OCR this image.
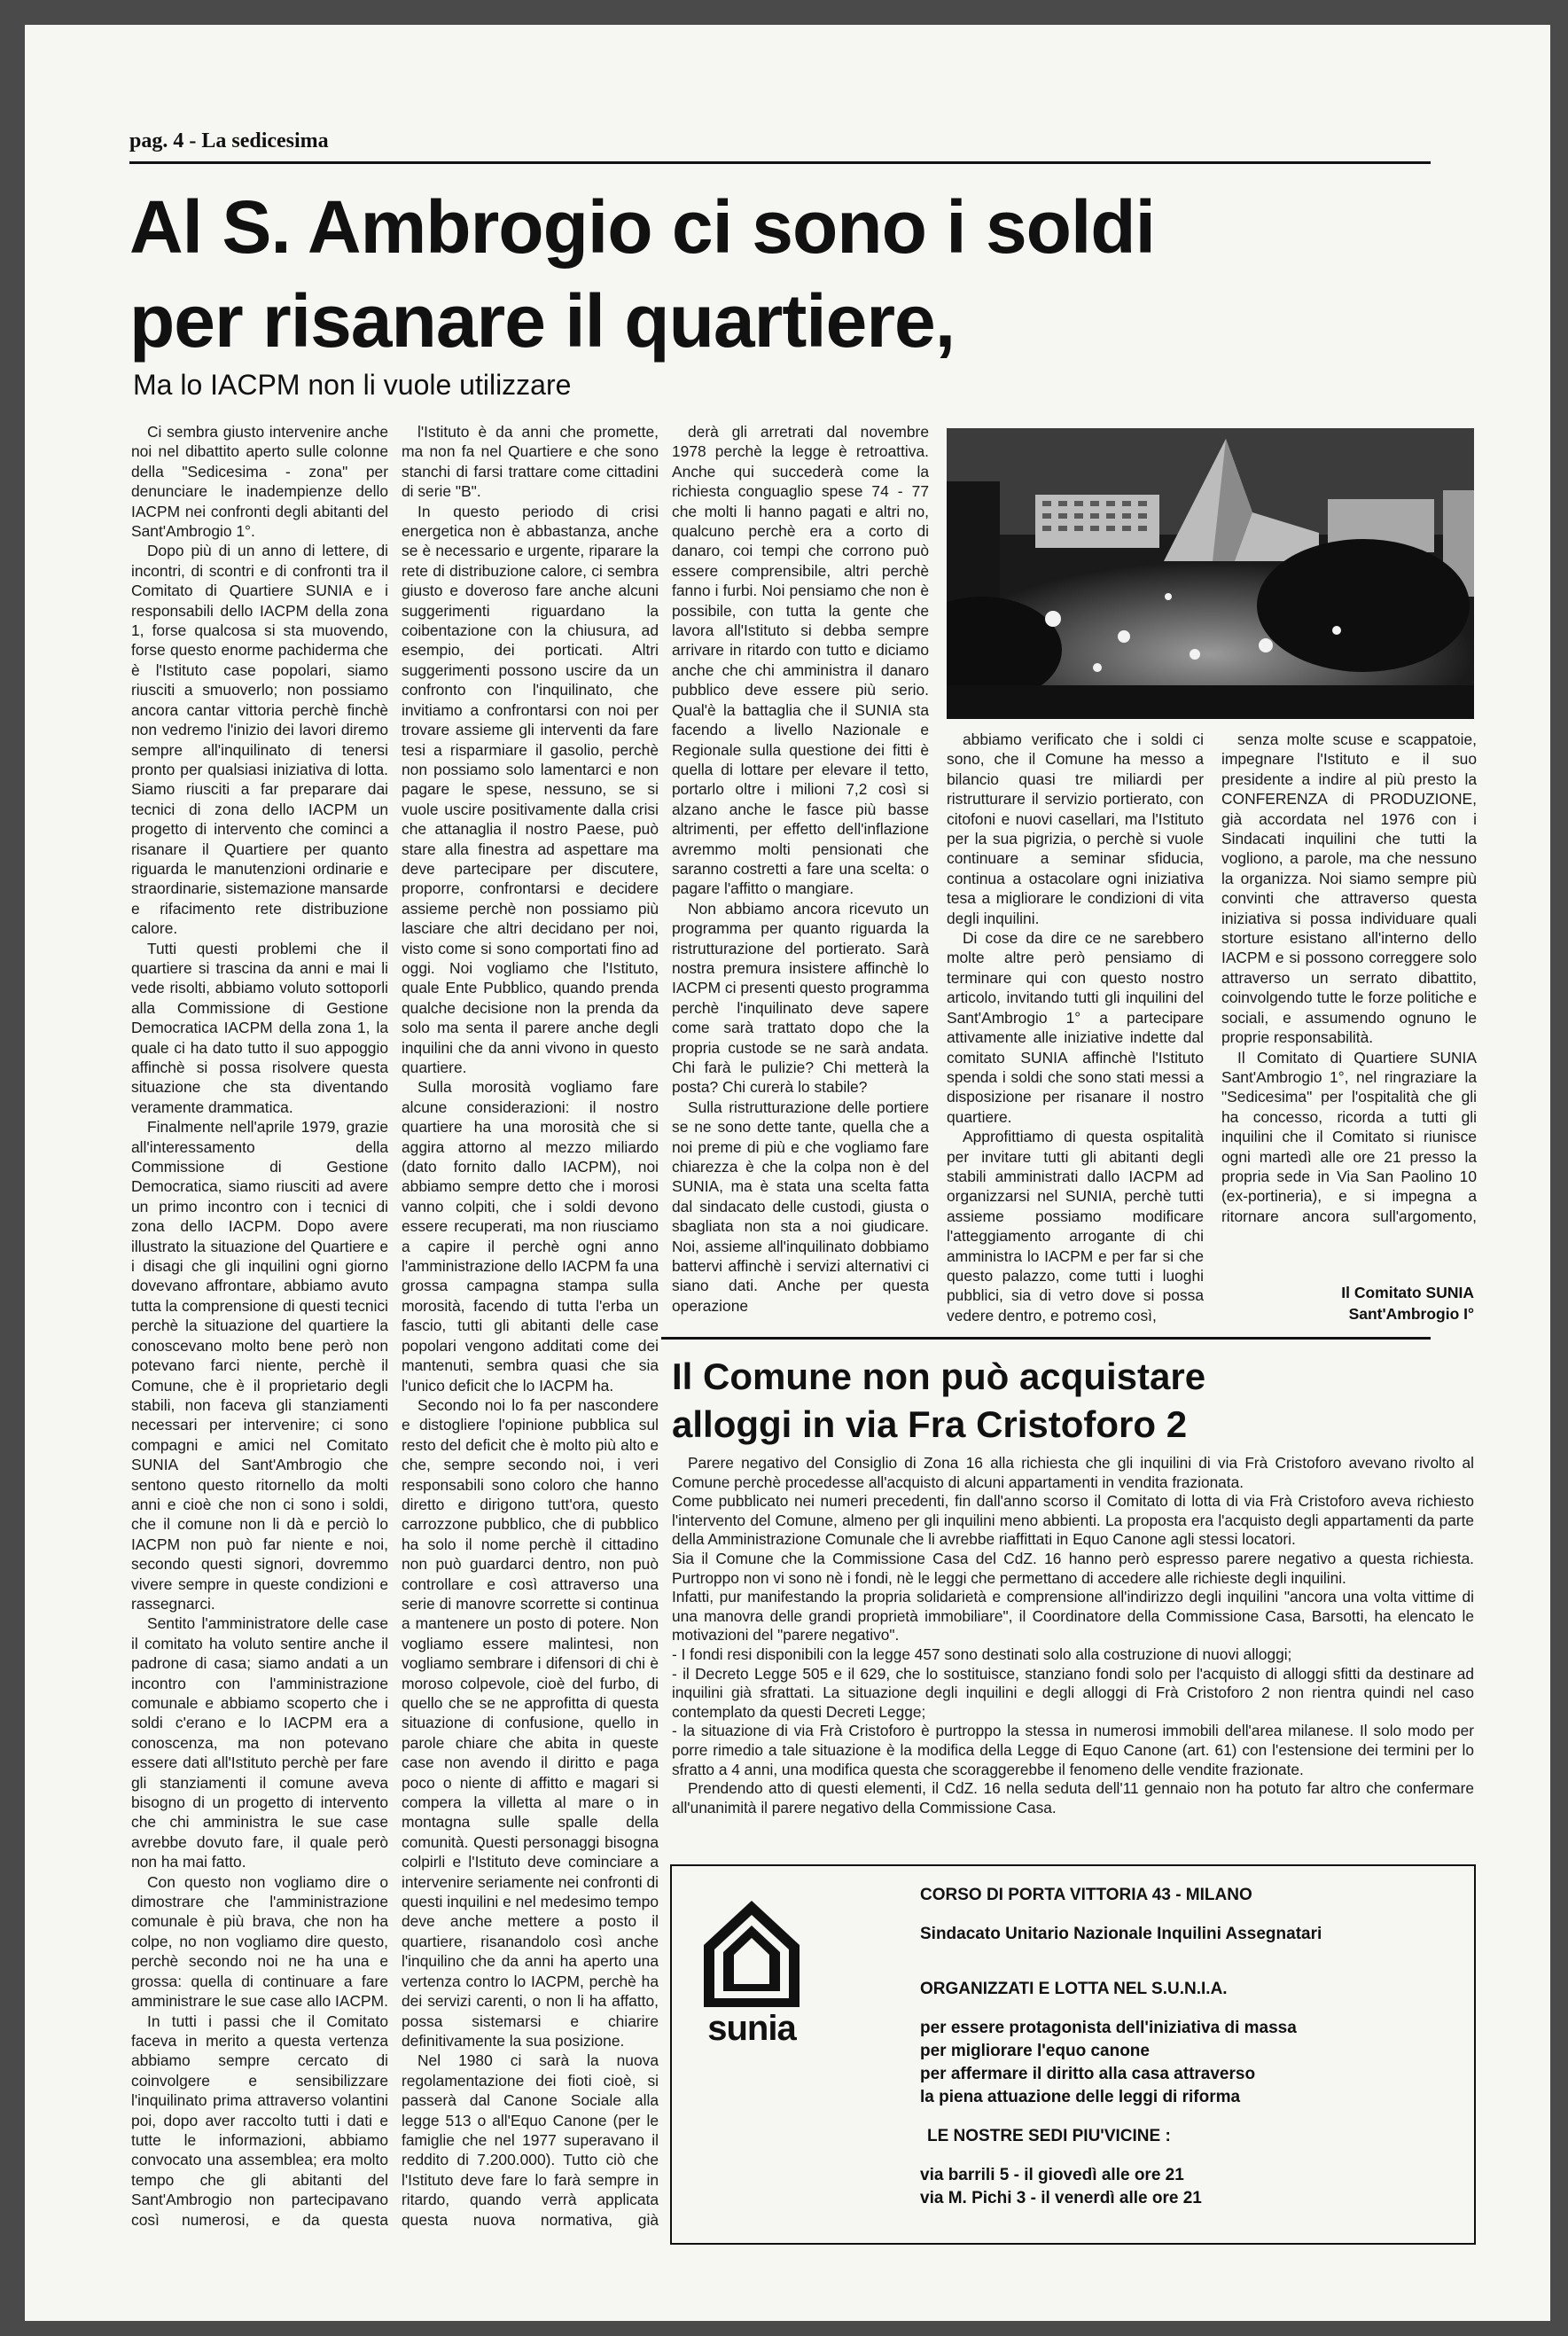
pag. 4 - La sedicesima
Al S. Ambrogio ci sono i soldi
per risanare il quartiere,
Ma lo IACPM non li vuole utilizzare

Ci sembra giusto intervenire anche noi nel dibattito aperto sulle colonne della "Sedicesima - zona" per denunciare le inadempienze dello IACPM nei confronti degli abitanti del Sant'Ambrogio 1°.

Dopo più di un anno di lettere, di incontri, di scontri e di confronti tra il Comitato di Quartiere SUNIA e i responsabili dello IACPM della zona 1, forse qualcosa si sta muovendo, forse questo enorme pachiderma che è l'Istituto case popolari, siamo riusciti a smuoverlo; non possiamo ancora cantar vittoria perchè finchè non vedremo l'inizio dei lavori diremo sempre all'inquilinato di tenersi pronto per qualsiasi iniziativa di lotta. Siamo riusciti a far preparare dai tecnici di zona dello IACPM un progetto di intervento che cominci a risanare il Quartiere per quanto riguarda le manutenzioni ordinarie e straordinarie, sistemazione mansarde e rifacimento rete distribuzione calore.

Tutti questi problemi che il quartiere si trascina da anni e mai li vede risolti, abbiamo voluto sottoporli alla Commissione di Gestione Democratica IACPM della zona 1, la quale ci ha dato tutto il suo appoggio affinchè si possa risolvere questa situazione che sta diventando veramente drammatica.

Finalmente nell'aprile 1979, grazie all'interessamento della Commissione di Gestione Democratica, siamo riusciti ad avere un primo incontro con i tecnici di zona dello IACPM. Dopo avere illustrato la situazione del Quartiere e i disagi che gli inquilini ogni giorno dovevano affrontare, abbiamo avuto tutta la comprensione di questi tecnici perchè la situazione del quartiere la conoscevano molto bene però non potevano farci niente, perchè il Comune, che è il proprietario degli stabili, non faceva gli stanziamenti necessari per intervenire; ci sono compagni e amici nel Comitato SUNIA del Sant'Ambrogio che sentono questo ritornello da molti anni e cioè che non ci sono i soldi, che il comune non li dà e perciò lo IACPM non può far niente e noi, secondo questi signori, dovremmo vivere sempre in queste condizioni e rassegnarci.

Sentito l'amministratore delle case il comitato ha voluto sentire anche il padrone di casa; siamo andati a un incontro con l'amministrazione comunale e abbiamo scoperto che i soldi c'erano e lo IACPM era a conoscenza, ma non potevano essere dati all'Istituto perchè per fare gli stanziamenti il comune aveva bisogno di un progetto di intervento che chi amministra le sue case avrebbe dovuto fare, il quale però non ha mai fatto.

Con questo non vogliamo dire o dimostrare che l'amministrazione comunale è più brava, che non ha colpe, no non vogliamo dire questo, perchè secondo noi ne ha una e grossa: quella di continuare a fare amministrare le sue case allo IACPM.

In tutti i passi che il Comitato faceva in merito a questa vertenza abbiamo sempre cercato di coinvolgere e sensibilizzare l'inquilinato prima attraverso volantini poi, dopo aver raccolto tutti i dati e tutte le informazioni, abbiamo convocato una assemblea; era molto tempo che gli abitanti del Sant'Ambrogio non partecipavano così numerosi, e da questa

l'Istituto è da anni che promette, ma non fa nel Quartiere e che sono stanchi di farsi trattare come cittadini di serie "B".

In questo periodo di crisi energetica non è abbastanza, anche se è necessario e urgente, riparare la rete di distribuzione calore, ci sembra giusto e doveroso fare anche alcuni suggerimenti riguardano la coibentazione con la chiusura, ad esempio, dei porticati. Altri suggerimenti possono uscire da un confronto con l'inquilinato, che invitiamo a confrontarsi con noi per trovare assieme gli interventi da fare tesi a risparmiare il gasolio, perchè non possiamo solo lamentarci e non pagare le spese, nessuno, se si vuole uscire positivamente dalla crisi che attanaglia il nostro Paese, può stare alla finestra ad aspettare ma deve partecipare per discutere, proporre, confrontarsi e decidere assieme perchè non possiamo più lasciare che altri decidano per noi, visto come si sono comportati fino ad oggi. Noi vogliamo che l'Istituto, quale Ente Pubblico, quando prenda qualche decisione non la prenda da solo ma senta il parere anche degli inquilini che da anni vivono in questo quartiere.

Sulla morosità vogliamo fare alcune considerazioni: il nostro quartiere ha una morosità che si aggira attorno al mezzo miliardo (dato fornito dallo IACPM), noi abbiamo sempre detto che i morosi vanno colpiti, che i soldi devono essere recuperati, ma non riusciamo a capire il perchè ogni anno l'amministrazione dello IACPM fa una grossa campagna stampa sulla morosità, facendo di tutta l'erba un fascio, tutti gli abitanti delle case popolari vengono additati come dei mantenuti, sembra quasi che sia l'unico deficit che lo IACPM ha.

Secondo noi lo fa per nascondere e distogliere l'opinione pubblica sul resto del deficit che è molto più alto e che, sempre secondo noi, i veri responsabili sono coloro che hanno diretto e dirigono tutt'ora, questo carrozzone pubblico, che di pubblico ha solo il nome perchè il cittadino non può guardarci dentro, non può controllare e così attraverso una serie di manovre scorrette si continua a mantenere un posto di potere. Non vogliamo essere malintesi, non vogliamo sembrare i difensori di chi è moroso colpevole, cioè del furbo, di quello che se ne approfitta di questa situazione di confusione, quello in parole chiare che abita in queste case non avendo il diritto e paga poco o niente di affitto e magari si compera la villetta al mare o in montagna sulle spalle della comunità. Questi personaggi bisogna colpirli e l'Istituto deve cominciare a intervenire seriamente nei confronti di questi inquilini e nel medesimo tempo deve anche mettere a posto il quartiere, risanandolo così anche l'inquilino che da anni ha aperto una vertenza contro lo IACPM, perchè ha dei servizi carenti, o non li ha affatto, possa sistemarsi e chiarire definitivamente la sua posizione.

Nel 1980 ci sarà la nuova regolamentazione dei fioti cioè, si passerà dal Canone Sociale alla legge 513 o all'Equo Canone (per le famiglie che nel 1977 superavano il reddito di 7.200.000). Tutto ciò che l'Istituto deve fare lo farà sempre in ritardo, quando verrà applicata questa nuova normativa, già

derà gli arretrati dal novembre 1978 perchè la legge è retroattiva. Anche qui succederà come la richiesta conguaglio spese 74 - 77 che molti li hanno pagati e altri no, qualcuno perchè era a corto di danaro, coi tempi che corrono può essere comprensibile, altri perchè fanno i furbi. Noi pensiamo che non è possibile, con tutta la gente che lavora all'Istituto si debba sempre arrivare in ritardo con tutto e diciamo anche che chi amministra il danaro pubblico deve essere più serio. Qual'è la battaglia che il SUNIA sta facendo a livello Nazionale e Regionale sulla questione dei fitti è quella di lottare per elevare il tetto, portarlo oltre i milioni 7,2 così si alzano anche le fasce più basse altrimenti, per effetto dell'inflazione avremmo molti pensionati che saranno costretti a fare una scelta: o pagare l'affitto o mangiare.

Non abbiamo ancora ricevuto un programma per quanto riguarda la ristrutturazione del portierato. Sarà nostra premura insistere affinchè lo IACPM ci presenti questo programma perchè l'inquilinato deve sapere come sarà trattato dopo che la propria custode se ne sarà andata. Chi farà le pulizie? Chi metterà la posta? Chi curerà lo stabile?

Sulla ristrutturazione delle portiere se ne sono dette tante, quella che a noi preme di più e che vogliamo fare chiarezza è che la colpa non è del SUNIA, ma è stata una scelta fatta dal sindacato delle custodi, giusta o sbagliata non sta a noi giudicare. Noi, assieme all'inquilinato dobbiamo battervi affinchè i servizi alternativi ci siano dati. Anche per questa operazione

abbiamo verificato che i soldi ci sono, che il Comune ha messo a bilancio quasi tre miliardi per ristrutturare il servizio portierato, con citofoni e nuovi casellari, ma l'Istituto per la sua pigrizia, o perchè si vuole continuare a seminar sfiducia, continua a ostacolare ogni iniziativa tesa a migliorare le condizioni di vita degli inquilini.

Di cose da dire ce ne sarebbero molte altre però pensiamo di terminare qui con questo nostro articolo, invitando tutti gli inquilini del Sant'Ambrogio 1° a partecipare attivamente alle iniziative indette dal comitato SUNIA affinchè l'Istituto spenda i soldi che sono stati messi a disposizione per risanare il nostro quartiere.

Approfittiamo di questa ospitalità per invitare tutti gli abitanti degli stabili amministrati dallo IACPM ad organizzarsi nel SUNIA, perchè tutti assieme possiamo modificare l'atteggiamento arrogante di chi amministra lo IACPM e per far si che questo palazzo, come tutti i luoghi pubblici, sia di vetro dove si possa vedere dentro, e potremo così,

senza molte scuse e scappatoie, impegnare l'Istituto e il suo presidente a indire al più presto la CONFERENZA di PRODUZIONE, già accordata nel 1976 con i Sindacati inquilini che tutti la vogliono, a parole, ma che nessuno la organizza. Noi siamo sempre più convinti che attraverso questa iniziativa si possa individuare quali storture esistano all'interno dello IACPM e si possono correggere solo attraverso un serrato dibattito, coinvolgendo tutte le forze politiche e sociali, e assumendo ognuno le proprie responsabilità.

Il Comitato di Quartiere SUNIA Sant'Ambrogio 1°, nel ringraziare la "Sedicesima" per l'ospitalità che gli ha concesso, ricorda a tutti gli inquilini che il Comitato si riunisce ogni martedì alle ore 21 presso la propria sede in Via San Paolino 10 (ex-portineria), e si impegna a ritornare ancora sull'argomento,

Il Comitato SUNIA
Sant'Ambrogio I°
Il Comune non può acquistare
alloggi in via Fra Cristoforo 2

Parere negativo del Consiglio di Zona 16 alla richiesta che gli inquilini di via Frà Cristoforo avevano rivolto al Comune perchè procedesse all'acquisto di alcuni appartamenti in vendita frazionata.

Come pubblicato nei numeri precedenti, fin dall'anno scorso il Comitato di lotta di via Frà Cristoforo aveva richiesto l'intervento del Comune, almeno per gli inquilini meno abbienti. La proposta era l'acquisto degli appartamenti da parte della Amministrazione Comunale che li avrebbe riaffittati in Equo Canone agli stessi locatori.

Sia il Comune che la Commissione Casa del CdZ. 16 hanno però espresso parere negativo a questa richiesta. Purtroppo non vi sono nè i fondi, nè le leggi che permettano di accedere alle richieste degli inquilini.

Infatti, pur manifestando la propria solidarietà e comprensione all'indirizzo degli inquilini "ancora una volta vittime di una manovra delle grandi proprietà immobiliare", il Coordinatore della Commissione Casa, Barsotti, ha elencato le motivazioni del "parere negativo".

- I fondi resi disponibili con la legge 457 sono destinati solo alla costruzione di nuovi alloggi;

- il Decreto Legge 505 e il 629, che lo sostituisce, stanziano fondi solo per l'acquisto di alloggi sfitti da destinare ad inquilini già sfrattati. La situazione degli inquilini e degli alloggi di Frà Cristoforo 2 non rientra quindi nel caso contemplato da questi Decreti Legge;

- la situazione di via Frà Cristoforo è purtroppo la stessa in numerosi immobili dell'area milanese. Il solo modo per porre rimedio a tale situazione è la modifica della Legge di Equo Canone (art. 61) con l'estensione dei termini per lo sfratto a 4 anni, una modifica questa che scoraggerebbe il fenomeno delle vendite frazionate.

Prendendo atto di questi elementi, il CdZ. 16 nella seduta dell'11 gennaio non ha potuto far altro che confermare all'unanimità il parere negativo della Commissione Casa.

sunia
CORSO DI PORTA VITTORIA 43 - MILANO
Sindacato Unitario Nazionale Inquilini Assegnatari
ORGANIZZATI E LOTTA NEL S.U.N.I.A.
per essere protagonista dell'iniziativa di massa
per migliorare l'equo canone
per affermare il diritto alla casa attraverso
la piena attuazione delle leggi di riforma
LE NOSTRE SEDI PIU'VICINE :
via barrili 5 - il giovedì alle ore 21
via M. Pichi 3 - il venerdì alle ore 21
